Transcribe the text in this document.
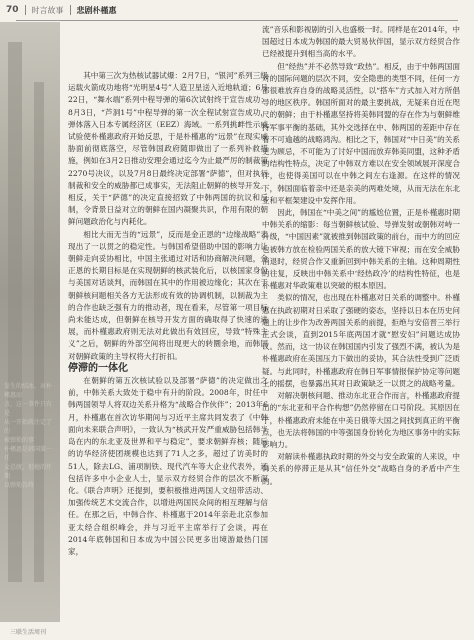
70 时言故事 悲剧朴槿惠
发生的结冰，对朴槿惠而
言，这一事件只有是
从一开始就注定了的
被弹劾的事
朴槿惠是韩国第一任
女总统，但她的任期
以弹劾告终

其中第三次为热核试器试爆：2月7日，“银河”系列三级运载火箭成功地将“光明星4号”人造卫星送入近地轨道；6月22日，“舞水端”系列中程导弹的第6次试射终于宣告成功；8月3日，“芦洞1号”中程导弹的第一次全程试射宣告成功，弹体落入日本专属经济区（EEZ）海域。一系列挑衅性示威试验使朴槿惠政府开始反思，于是朴槿惠的“远景”在现实威胁面前彻底落空，尽管韩国政府随即做出了一系列补救措施，例如在3月2日推动安理会通过迄今为止最严厉的制裁第2270号决议，以及7月8日最终决定部署“萨德”，但对执行制裁和安全的威胁都已成事实，无法阻止朝鲜的核导开发。相反，关于“萨德”的决定直接招致了中韩两国的抗议和反制，令背景日益对立的朝鲜在国内凝聚共识，作用有限的朝鲜问题政治化与内耗化。

相比大而无当的“远景”，反而是金正恩的“边缘战略”表现出了一以贯之的稳定性。与韩国希望借助中国的影响力让朝鲜走向妥协相比，中国主张通过对话和协商解决问题，金正恩的长期目标是在实现朝鲜的核武装化后，以核国家身份与美国对话谈判，而韩国在其中的作用被边缘化；其次在于朝鲜核问题相关各方无法形成有效的协调机制，以制裁为主的合作也缺乏强有力的推动者，现在看来，尽管第一项目标尚未能达成，但朝鲜在核导开发方面的确取得了快速的进展，而朴槿惠政府则无法对此做出有效回应，导致“特殊主义”之后，朝鲜的外部空间将出现更大的转圜余地，而韩国对朝鲜政策的主导权将大打折扣。

停滞的一体化

在朝鲜的第五次核试验以及部署“萨德”的决定做出之前，中韩关系大致处于稳中有升的阶段。2008年，时任中韩两国领导人将双边关系升格为“战略合作伙伴”；2013年6月，朴槿惠在首次访华期间与习近平主席共同发表了《中韩面向未来联合声明》，一致认为“核武开发严重威胁包括韩半岛在内的东北亚及世界和平与稳定”，要求朝鲜弃核；随后的访华经济使团规模也达到了71人之多，超过了访美时的51人，除去LG、浦项制铁、现代汽车等大企业代表外，还包括许多中小企业人士，显示双方经贸合作的层次不断深化。《联合声明》还提到，要积极推进两国人文纽带活动、加强传统艺术交流合作，以增进两国民众间的相互理解与信任。在那之后，中韩合作、朴槿惠于2014年亲赴北京参加亚太经合组织峰会，并与习近平主席举行了会谈，再在2014年底韩国和日本成为中国公民更多出境游最热门国家，

流”音乐和影视剧的引入也盛极一时。同样是在2014年，中国超过日本成为韩国的最大贸易伙伴国，显示双方经贸合作已经被提升到相当高的水平。

但“经热”并不必然导致“政热”。相反，由于中韩两国面对的国际问题的层次不同，安全隐患的类型不同，任何一方都很难放弃自身的战略灵活性，以“搭车”方式加入对方所倡导的地区秩序。韩国所面对的最主要挑战，无疑来自近在咫尺的朝鲜；由于朴槿惠坚持将美韩同盟的存在作为与朝鲜维持军事平衡的基础，其外交选择在中、韩两国的差距中存在着不可逾越的战略鸿沟。相比之下，韩国对“中日美”的关系更为顾忌，不可能为了讨好中国而放弃韩美同盟，这种矛盾的结构性特点，决定了中韩双方难以在安全领域展开深度合作，也使得美国可以在中韩之间左右逢源。在这样的情况下，韩国面临着亲中还是亲美的两难处境，从而无法在东北亚和平框架建设中发挥作用。

因此，韩国在“中美之间”的尴尬位置，正是朴槿惠时期中韩关系的缩影：每当朝鲜核试验、导弹发射或朝韩对峙一升级，“中国因素”就被推到韩国政策的前台，而中方的回应也被韩方放在检验两国关系的放大镜下审视；而在安全威胁消退时，经贸合作又重新回到中韩关系的主轴。这种周期性的往复，反映出中韩关系中‘经热政冷’的结构性特征，也是朴槿惠对华政策难以突破的根本原因。

类似的情况，也出现在朴槿惠对日关系的调整中。朴槿惠在执政初期对日采取了强硬的姿态，坚持以日本在历史问题上的让步作为改善两国关系的前提，拒绝与安倍晋三举行正式会谈，直到2015年底两国才就“慰安妇”问题达成协议。然而，这一协议在韩国国内引发了强烈不满，被认为是朴槿惠政府在美国压力下做出的妥协，其合法性受到广泛质疑。与此同时，朴槿惠政府在韩日军事情报保护协定等问题上的摇摆，也暴露出其对日政策缺乏一以贯之的战略考量。

对解决朝核问题、推动东北亚合作而言，朴槿惠政府提出的“东北亚和平合作构想”仍然停留在口号阶段。其原因在于，朴槿惠政府未能在中美日俄等大国之间找到真正的平衡点，也无法将韩国的中等强国身份转化为地区事务中的实际影响力。

对解读朴槿惠执政时期的外交与安全政策的人来说，中韩关系的停滞正是从其“信任外交”战略自身的矛盾中产生的。

三联生活周刊
